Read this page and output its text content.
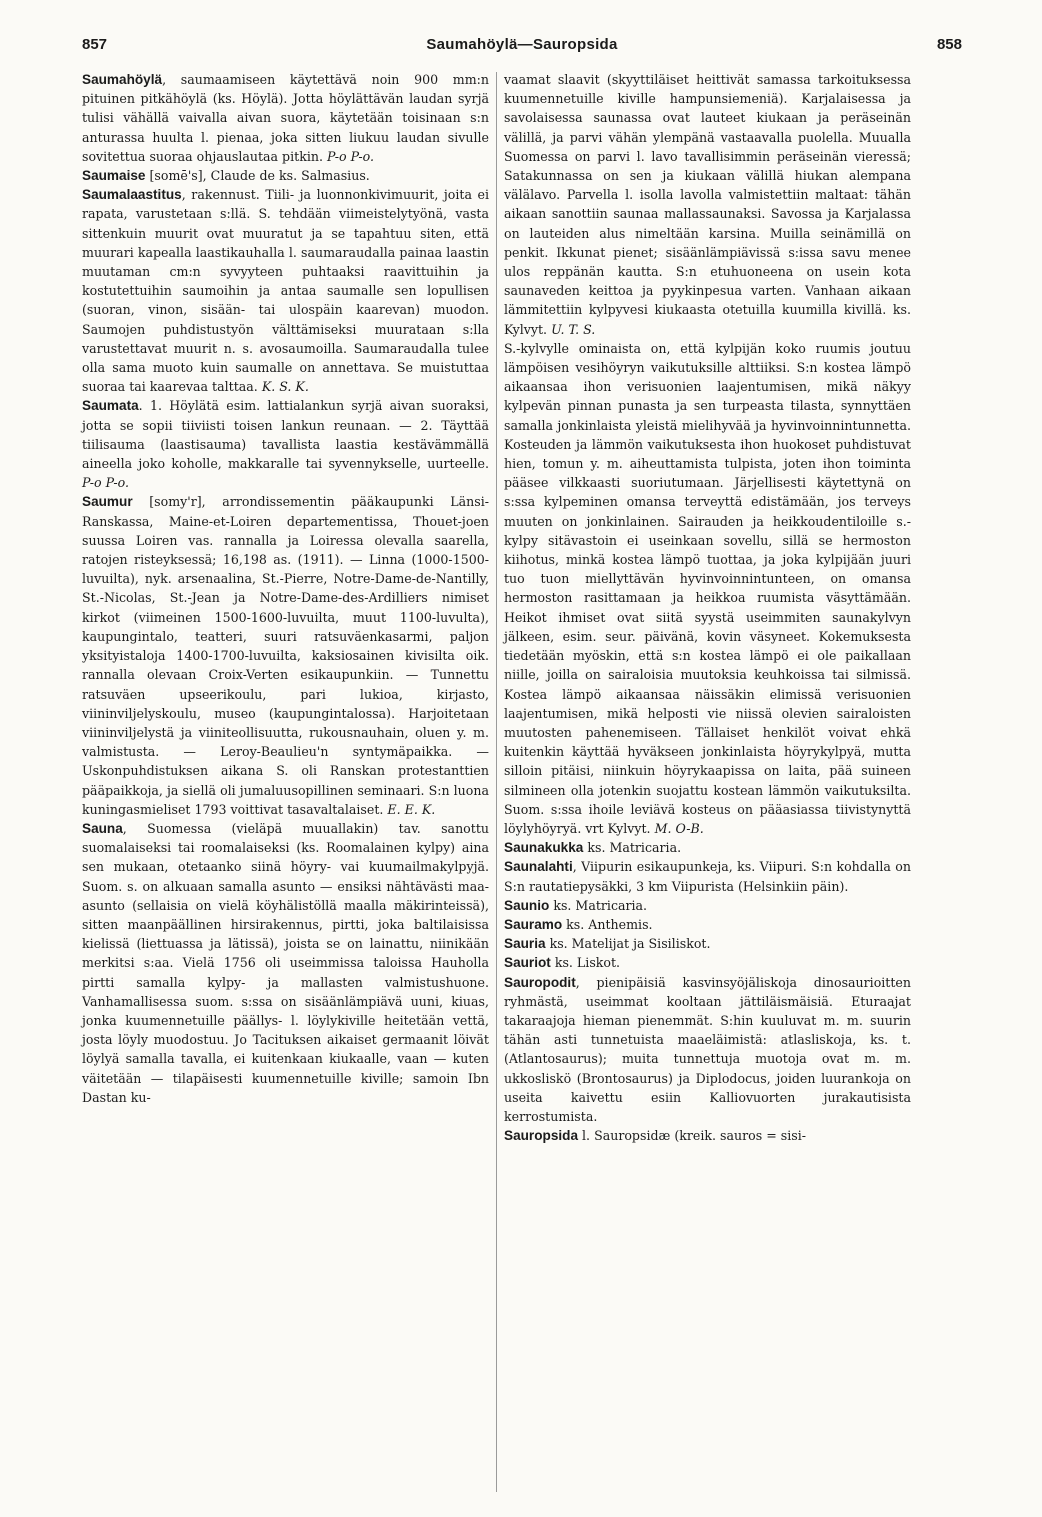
857	Saumahöylä—Sauropsida	858

Saumahöylä, saumaamiseen käytettävä noin 900 mm:n pituinen pitkähöylä (ks. Höylä). Jotta höylättävän laudan syrjä tulisi vähällä vaivalla aivan suora, käytetään toisinaan s:n anturassa huulta l. pienaa, joka sitten liukuu laudan sivulle sovitettua suoraa ohjauslautaa pitkin. P-o P-o.

Saumaise [somē's], Claude de ks. Salmasius.

Saumalaastitus, rakennust. Tiili- ja luonnonkivimuurit, joita ei rapata, varustetaan s:llä. S. tehdään viimeistelytyönä, vasta sittenkuin muurit ovat muuratut ja se tapahtuu siten, että muurari kapealla laastikauhalla l. saumaraudalla painaa laastin muutaman cm:n syvyyteen puhtaaksi raavittuihin ja kostutettuihin saumoihin ja antaa saumalle sen lopullisen (suoran, vinon, sisään- tai ulospäin kaarevan) muodon. Saumojen puhdistustyön välttämiseksi muurataan s:lla varustettavat muurit n. s. avosaumoilla. Saumaraudalla tulee olla sama muoto kuin saumalle on annettava. Se muistuttaa suoraa tai kaarevaa talttaa. K. S. K.

Saumata. 1. Höylätä esim. lattialankun syrjä aivan suoraksi, jotta se sopii tiiviisti toisen lankun reunaan. — 2. Täyttää tiilisauma (laastisauma) tavallista laastia kestävämmällä aineella joko koholle, makkaralle tai syvennykselle, uurteelle. P-o P-o.

Saumur [somy'r], arrondissementin pääkaupunki Länsi-Ranskassa, Maine-et-Loiren departementissa, Thouet-joen suussa Loiren vas. rannalla ja Loiressa olevalla saarella, ratojen risteyksessä; 16,198 as. (1911). — Linna (1000-1500-luvuilta), nyk. arsenaalina, St.-Pierre, Notre-Dame-de-Nantilly, St.-Nicolas, St.-Jean ja Notre-Dame-des-Ardilliers nimiset kirkot (viimeinen 1500-1600-luvuilta, muut 1100-luvulta), kaupungintalo, teatteri, suuri ratsuväenkasarmi, paljon yksityistaloja 1400-1700-luvuilta, kaksiosainen kivisilta oik. rannalla olevaan Croix-Verten esikaupunkiin. — Tunnettu ratsuväen upseerikoulu, pari lukioa, kirjasto, viininviljelyskoulu, museo (kaupungintalossa). Harjoitetaan viininviljelystä ja viiniteollisuutta, rukousnauhain, oluen y. m. valmistusta. — Leroy-Beaulieu'n syntymäpaikka. — Uskonpuhdistuksen aikana S. oli Ranskan protestanttien pääpaikkoja, ja siellä oli jumaluusopillinen seminaari. S:n luona kuningasmieliset 1793 voittivat tasavaltalaiset. E. E. K.

Sauna, Suomessa (vieläpä muuallakin) tav. sanottu suomalaiseksi tai roomalaiseksi (ks. Roomalainen kylpy) aina sen mukaan, otetaanko siinä höyry- vai kuumailmakylpyjä. Suom. s. on alkuaan samalla asunto — ensiksi nähtävästi maa-asunto (sellaisia on vielä köyhälistöllä maalla mäkirinteissä), sitten maanpäällinen hirsirakennus, pirtti, joka baltilaisissa kielissä (liettuassa ja lätissä), joista se on lainattu, niinikään merkitsi s:aa. Vielä 1756 oli useimmissa taloissa Hauholla pirtti samalla kylpy- ja mallasten valmistushuone. Vanhamallisessa suom. s:ssa on sisäänlämpiävä uuni, kiuas, jonka kuumennetuille päällys- l. löylykiville heitetään vettä, josta löyly muodostuu. Jo Tacituksen aikaiset germaanit löivät löylyä samalla tavalla, ei kuitenkaan kiukaalle, vaan — kuten väitetään — tilapäisesti kuumennetuille kiville; samoin Ibn Dastan ku-

vaamat slaavit (skyyttiläiset heittivät samassa tarkoituksessa kuumennetuille kiville hampunsiemeniä). Karjalaisessa ja savolaisessa saunassa ovat lauteet kiukaan ja peräseinän välillä, ja parvi vähän ylempänä vastaavalla puolella. Muualla Suomessa on parvi l. lavo tavallisimmin peräseinän vieressä; Satakunnassa on sen ja kiukaan välillä hiukan alempana välälavo. Parvella l. isolla lavolla valmistettiin maltaat: tähän aikaan sanottiin saunaa mallassaunaksi. Savossa ja Karjalassa on lauteiden alus nimeltään karsina. Muilla seinämillä on penkit. Ikkunat pienet; sisäänlämpiävissä s:issa savu menee ulos reppänän kautta. S:n etuhuoneena on usein kota saunaveden keittoa ja pyykinpesua varten. Vanhaan aikaan lämmitettiin kylpyvesi kiukaasta otetuilla kuumilla kivillä. ks. Kylvyt. U. T. S.

S.-kylvylle ominaista on, että kylpijän koko ruumis joutuu lämpöisen vesihöyryn vaikutuksille alttiiksi. S:n kostea lämpö aikaansaa ihon verisuonien laajentumisen, mikä näkyy kylpevän pinnan punasta ja sen turpeasta tilasta, synnyttäen samalla jonkinlaista yleistä mielihyvää ja hyvinvoinnintunnetta. Kosteuden ja lämmön vaikutuksesta ihon huokoset puhdistuvat hien, tomun y. m. aiheuttamista tulpista, joten ihon toiminta pääsee vilkkaasti suoriutumaan. Järjellisesti käytettynä on s:ssa kylpeminen omansa terveyttä edistämään, jos terveys muuten on jonkinlainen. Sairauden ja heikkoudentiloille s.-kylpy sitävastoin ei useinkaan sovellu, sillä se hermoston kiihotus, minkä kostea lämpö tuottaa, ja joka kylpijään juuri tuo tuon miellyttävän hyvinvoinnintunteen, on omansa hermoston rasittamaan ja heikkoa ruumista väsyttämään. Heikot ihmiset ovat siitä syystä useimmiten saunakylvyn jälkeen, esim. seur. päivänä, kovin väsyneet. Kokemuksesta tiedetään myöskin, että s:n kostea lämpö ei ole paikallaan niille, joilla on sairaloisia muutoksia keuhkoissa tai silmissä. Kostea lämpö aikaansaa näissäkin elimissä verisuonien laajentumisen, mikä helposti vie niissä olevien sairaloisten muutosten pahenemiseen. Tällaiset henkilöt voivat ehkä kuitenkin käyttää hyväkseen jonkinlaista höyrykylpyä, mutta silloin pitäisi, niinkuin höyrykaapissa on laita, pää suineen silmineen olla jotenkin suojattu kostean lämmön vaikutuksilta. Suom. s:ssa ihoile leviävä kosteus on pääasiassa tiivistynyttä löylyhöyryä. vrt Kylvyt. M. O-B.

Saunakukka ks. Matricaria.

Saunalahti, Viipurin esikaupunkeja, ks. Viipuri. S:n kohdalla on S:n rautatiepysäkki, 3 km Viipurista (Helsinkiin päin).

Saunio ks. Matricaria.

Sauramo ks. Anthemis.

Sauria ks. Matelijat ja Sisiliskot.

Sauriot ks. Liskot.

Sauropodit, pienipäisiä kasvinsyöjäliskoja dinosaurioitten ryhmästä, useimmat kooltaan jättiläismäisiä. Eturaajat takaraajoja hieman pienemmät. S:hin kuuluvat m. m. suurin tähän asti tunnetuista maaeläimistä: atlasliskoja, ks. t. (Atlantosaurus); muita tunnettuja muotoja ovat m. m. ukkosliskö (Brontosaurus) ja Diplodocus, joiden luurankoja on useita kaivettu esiin Kalliovuorten jurakautisista kerrostumista.

Sauropsida l. Sauropsidæ (kreik. sauros = sisi-
